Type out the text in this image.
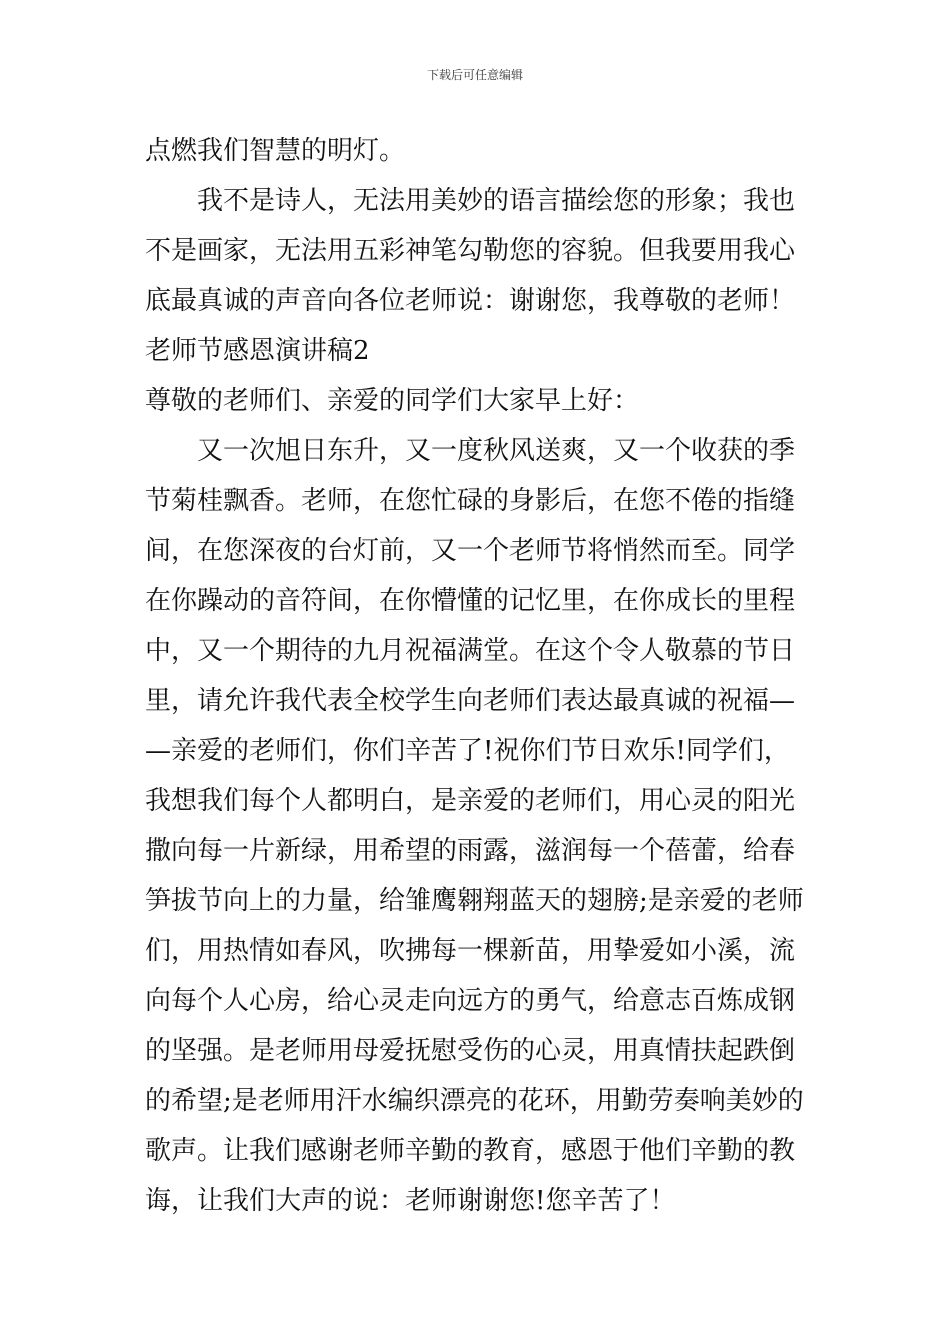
下载后可任意编辑
点燃我们智慧的明灯。
　　我不是诗人，无法用美妙的语言描绘您的形象；我也
不是画家，无法用五彩神笔勾勒您的容貌。但我要用我心
底最真诚的声音向各位老师说：谢谢您，我尊敬的老师！
老师节感恩演讲稿2
尊敬的老师们、亲爱的同学们大家早上好：
　　又一次旭日东升，又一度秋风送爽，又一个收获的季
节菊桂飘香。老师，在您忙碌的身影后，在您不倦的指缝
间，在您深夜的台灯前，又一个老师节将悄然而至。同学
在你躁动的音符间，在你懵懂的记忆里，在你成长的里程
中，又一个期待的九月祝福满堂。在这个令人敬慕的节日
里，请允许我代表全校学生向老师们表达最真诚的祝福—
—亲爱的老师们，你们辛苦了!祝你们节日欢乐!同学们，
我想我们每个人都明白，是亲爱的老师们，用心灵的阳光
撒向每一片新绿，用希望的雨露，滋润每一个蓓蕾，给春
笋拔节向上的力量，给雏鹰翱翔蓝天的翅膀;是亲爱的老师
们，用热情如春风，吹拂每一棵新苗，用挚爱如小溪，流
向每个人心房，给心灵走向远方的勇气，给意志百炼成钢
的坚强。是老师用母爱抚慰受伤的心灵，用真情扶起跌倒
的希望;是老师用汗水编织漂亮的花环，用勤劳奏响美妙的
歌声。让我们感谢老师辛勤的教育，感恩于他们辛勤的教
诲，让我们大声的说：老师谢谢您!您辛苦了！
